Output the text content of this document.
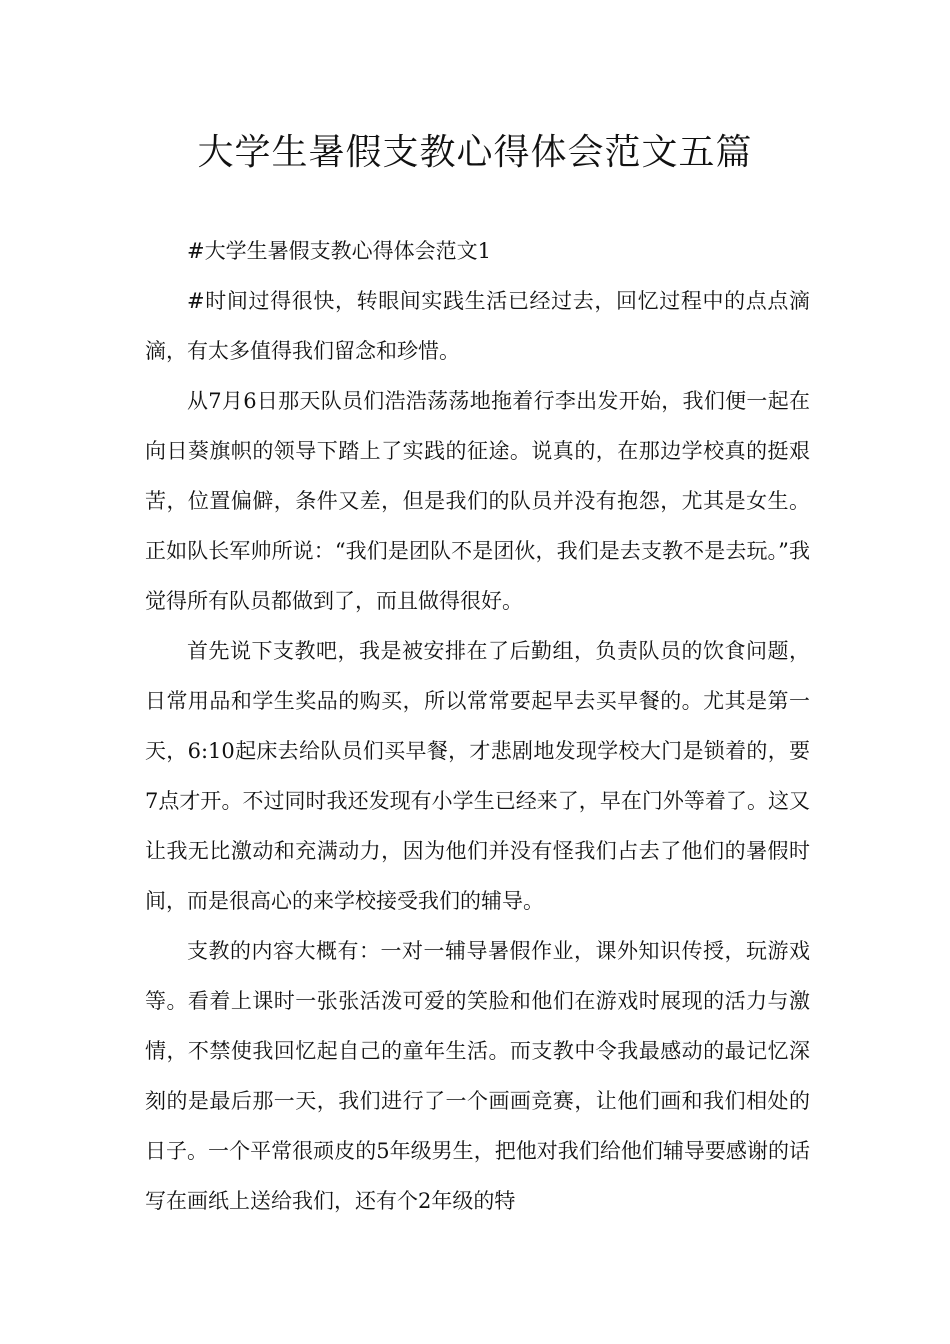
大学生暑假支教心得体会范文五篇

#大学生暑假支教心得体会范文1

#时间过得很快，转眼间实践生活已经过去，回忆过程中的点点滴滴，有太多值得我们留念和珍惜。

从7月6日那天队员们浩浩荡荡地拖着行李出发开始，我们便一起在向日葵旗帜的领导下踏上了实践的征途。说真的，在那边学校真的挺艰苦，位置偏僻，条件又差，但是我们的队员并没有抱怨，尤其是女生。正如队长军帅所说：“我们是团队不是团伙，我们是去支教不是去玩。”我觉得所有队员都做到了，而且做得很好。

首先说下支教吧，我是被安排在了后勤组，负责队员的饮食问题，日常用品和学生奖品的购买，所以常常要起早去买早餐的。尤其是第一天，6:10起床去给队员们买早餐，才悲剧地发现学校大门是锁着的，要7点才开。不过同时我还发现有小学生已经来了，早在门外等着了。这又让我无比激动和充满动力，因为他们并没有怪我们占去了他们的暑假时间，而是很高心的来学校接受我们的辅导。

支教的内容大概有：一对一辅导暑假作业，课外知识传授，玩游戏等。看着上课时一张张活泼可爱的笑脸和他们在游戏时展现的活力与激情，不禁使我回忆起自己的童年生活。而支教中令我最感动的最记忆深刻的是最后那一天，我们进行了一个画画竞赛，让他们画和我们相处的日子。一个平常很顽皮的5年级男生，把他对我们给他们辅导要感谢的话写在画纸上送给我们，还有个2年级的特
